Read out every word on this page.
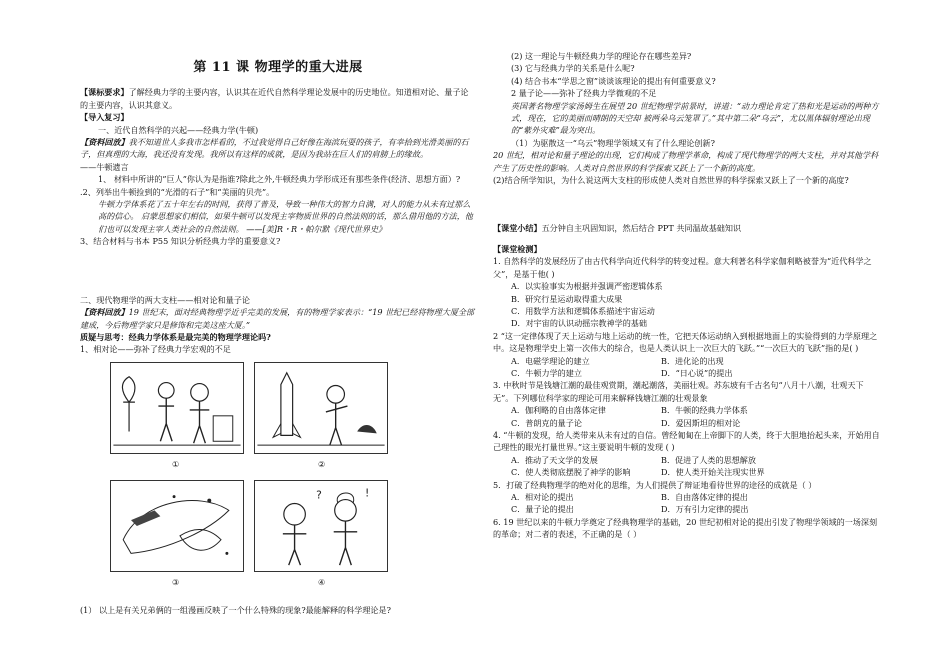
第 11 课 物理学的重大进展

【课标要求】了解经典力学的主要内容，认识其在近代自然科学理论发展中的历史地位。知道相对论、量子论的主要内容，认识其意义。

【导入复习】

一、近代自然科学的兴起——经典力学(牛顿)

【资料回放】我不知道世人多我市怎样看的，不过我觉得自己好像在海滨玩耍的孩子，有幸拾到光滑美丽的石子，但真理的大海，我还没有发现。我所以有这样的成就，是因为我站在巨人们的肩膀上的缘故。

——牛顿遗言

1、 材料中所讲的”巨人”你认为是指谁?除此之外,牛顿经典力学形成还有那些条件(经济、思想方面）?

.2、列举出牛顿捡到的“光滑的石子”和“美丽的贝壳”。

牛顿力学体系花了五十年左右的时间，获得了普及，导致一种伟大的智力自满，对人的能力从未有过那么高的信心。 启蒙思想家们相信，如果牛顿可以发现主宰物质世界的自然法则的话，那么借用他的方法，他们也可以发现主宰人类社会的自然法则。 ——[美]R・R・帕尔默《现代世界史》

3、结合材料与书本 P55 知识分析经典力学的重要意义?

二、现代物理学的两大支柱——相对论和量子论

【资料回放】19 世纪末，面对经典物理学近乎完美的发展，有的物理学家表示：“19 世纪已经将物理大厦全部建成，今后物理学家只是修饰和完美这座大厦。”

质疑与思考：经典力学体系是最完美的物理学理论吗?

1、相对论——弥补了经典力学宏观的不足

?	!
①	②
③	④

(1） 以上是有关兄弟俩的一组漫画反映了一个什么特殊的现象?最能解释的科学理论是?

(2) 这一理论与牛顿经典力学的理论存在哪些差异?

(3) 它与经典力学的关系是什么呢?

(4) 结合书本“学思之窗”谈谈该理论的提出有何重要意义?

2 量子论——弥补了经典力学微观的不足

英国著名物理学家汤姆生在展望 20 世纪物理学前景时，讲道：“动力理论肯定了热和光是运动的两种方式，现在，它的美丽而晴朗的天空却 被两朵乌云笼罩了。”其中第二朵“乌云”，尤以黑体辐射理论出现的“紫外灾难”最为突出。

（1）为驱散这一“乌云”物理学领域又有了什么理论创新?

20 世纪，相对论和量子理论的出现，它们构成了物理学革命，构成了现代物理学的两大支柱，并对其他学科产生了历史性的影响。人类对自然世界的科学探索又跃上了一个新的高度。

(2)结合所学知识，为什么说这两大支柱的形成使人类对自然世界的科学探索又跃上了一个新的高度?

【课堂小结】五分钟自主巩固知识，然后结合 PPT 共同温故基础知识

【课堂检测】

1. 自然科学的发展经历了由古代科学向近代科学的转变过程。意大利著名科学家伽利略被誉为“近代科学之父”，是基于他( )

A．以实验事实为根据并强调严密逻辑体系

B．研究行星运动取得重大成果

C．用数学方法和逻辑体系描述宇宙运动

D．对宇宙的认识动摇宗教神学的基础

2 “这一定律体现了天上运动与地上运动的统一性，它把天体运动纳入到根据地面上的实验得到的力学原理之中。这是物理学史上第一次伟大的综合，也是人类认识上一次巨大的飞跃。”“一次巨大的飞跃”指的是( )

A．电磁学理论的建立	B．进化论的出现

C．牛顿力学的建立	D．“日心说”的提出

3. 中秋时节是钱塘江潮的最佳观赏期，潮起潮落，美丽壮观。苏东坡有千古名句“八月十八潮，壮观天下无”。下列哪位科学家的理论可用来解释钱塘江潮的壮观景象

A．伽利略的自由落体定律	B．牛顿的经典力学体系

C．普朗克的量子论	D．爱因斯坦的相对论

4. “牛顿的发现，给人类带来从未有过的自信。曾经匍匐在上帝脚下的人类，终于大胆地抬起头来，开始用自己理性的眼光打量世界。”这主要说明牛顿的发现 ( )

A．推动了天文学的发展	B．促进了人类的思想解放

C．使人类彻底摆脱了神学的影响	D．使人类开始关注现实世界

5．打破了经典物理学的绝对化的思维，为人们提供了辩证地看待世界的途径的成就是（ ）

A．相对论的提出	B．自由落体定律的提出

C．量子论的提出	D．万有引力定律的提出

6. 19 世纪以来的牛顿力学奠定了经典物理学的基础，20 世纪初相对论的提出引发了物理学领域的一场深刻的革命；对二者的表述，不正确的是（ ）
